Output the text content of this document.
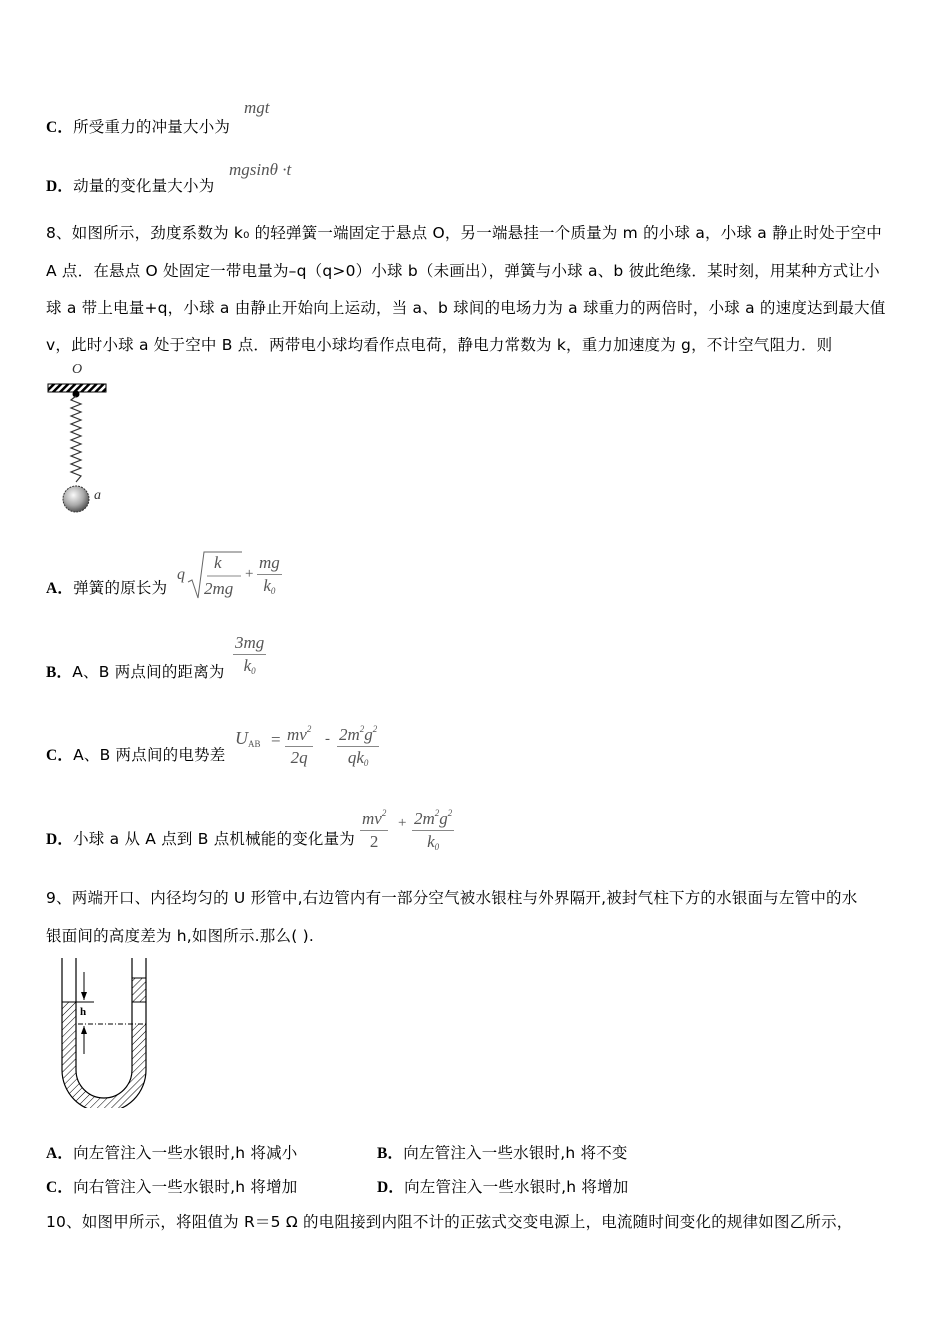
C．所受重力的冲量大小为
mgt
D．动量的变化量大小为
mgsinθ ·t
8、如图所示，劲度系数为 k₀ 的轻弹簧一端固定于悬点 O，另一端悬挂一个质量为 m 的小球 a，小球 a 静止时处于空中
A 点．在悬点 O 处固定一带电量为–q（q>0）小球 b（未画出），弹簧与小球 a、b 彼此绝缘．某时刻，用某种方式让小
球 a 带上电量+q，小球 a 由静止开始向上运动，当 a、b 球间的电场力为 a 球重力的两倍时，小球 a 的速度达到最大值
v，此时小球 a 处于空中 B 点．两带电小球均看作点电荷，静电力常数为 k，重力加速度为 g，不计空气阻力．则
O
a
A．弹簧的原长为
q
k
2mg
+ $\frac{mg}{k_0}$
B．A、B 两点间的距离为 $\frac{3mg}{k_0}$
C．A、B 两点间的电势差
$U_{AB} = \frac{mv^2}{2q} - \frac{2m^2g^2}{qk_0}$
D．小球 a 从 A 点到 B 点机械能的变化量为 $\frac{mv^2}{2} + \frac{2m^2g^2}{k_0}$
9、两端开口、内径均匀的 U 形管中,右边管内有一部分空气被水银柱与外界隔开,被封气柱下方的水银面与左管中的水
银面间的高度差为 h,如图所示.那么( ).
h
A．向左管注入一些水银时,h 将减小	B．向左管注入一些水银时,h 将不变
C．向右管注入一些水银时,h 将增加	D．向左管注入一些水银时,h 将增加
10、如图甲所示，将阻值为 R＝5 Ω 的电阻接到内阻不计的正弦式交变电源上，电流随时间变化的规律如图乙所示，
